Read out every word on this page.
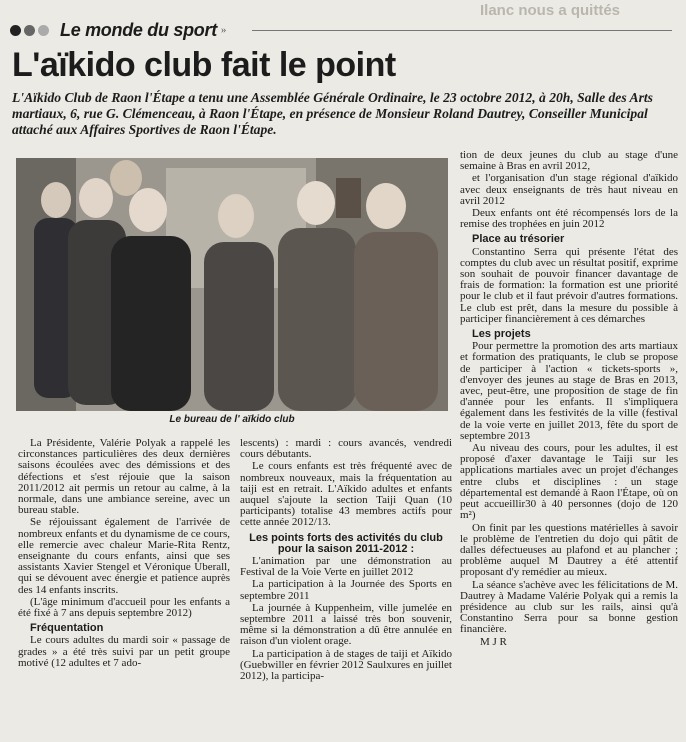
Ilanc nous a quittés
Le monde du sport »
L'aïkido club fait le point

L'Aïkido Club de Raon l'Étape a tenu une Assemblée Générale Ordinaire, le 23 octobre 2012, à 20h, Salle des Arts martiaux, 6, rue G. Clémenceau, à Raon l'Étape, en présence de Monsieur Roland Dautrey, Conseiller Municipal attaché aux Affaires Sportives de Raon l'Étape.

Le bureau de l' aïkido club

La Présidente, Valérie Polyak a rappelé les circonstances particulières des deux dernières saisons écoulées avec des démissions et des défections et s'est réjouie que la saison 2011/2012 ait permis un retour au calme, à la normale, dans une ambiance sereine, avec un bureau stable.

Se réjouissant également de l'arrivée de nombreux enfants et du dynamisme de ce cours, elle remercie avec chaleur Marie-Rita Rentz, enseignante du cours enfants, ainsi que ses assistants Xavier Stengel et Véronique Uberall, qui se dévouent avec énergie et patience auprès des 14 enfants inscrits.

(L'âge minimum d'accueil pour les enfants a été fixé à 7 ans depuis septembre 2012)

Fréquentation

Le cours adultes du mardi soir « passage de grades » a été très suivi par un petit groupe motivé (12 adultes et 7 ado-

lescents) : mardi : cours avancés, vendredi cours débutants.

Le cours enfants est très fréquenté avec de nombreux nouveaux, mais la fréquentation au taiji est en retrait. L'Aïkido adultes et enfants auquel s'ajoute la section Taiji Quan (10 participants) totalise 43 membres actifs pour cette année 2012/13.

Les points forts des activités du club pour la saison 2011-2012 :

L'animation par une démonstration au Festival de la Voie Verte en juillet 2012

La participation à la Journée des Sports en septembre 2011

La journée à Kuppenheim, ville jumelée en septembre 2011 a laissé très bon souvenir, même si la démonstration a dû être annulée en raison d'un violent orage.

La participation à de stages de taiji et Aïkido (Guebwiller en février 2012 Saulxures en juillet 2012), la participa-

tion de deux jeunes du club au stage d'une semaine à Bras en avril 2012,

et l'organisation d'un stage régional d'aïkido avec deux enseignants de très haut niveau en avril 2012

Deux enfants ont été récompensés lors de la remise des trophées en juin 2012

Place au trésorier

Constantino Serra qui présente l'état des comptes du club avec un résultat positif, exprime son souhait de pouvoir financer davantage de frais de formation: la formation est une priorité pour le club et il faut prévoir d'autres formations. Le club est prêt, dans la mesure du possible à participer financièrement à ces démarches

Les projets

Pour permettre la promotion des arts martiaux et formation des pratiquants, le club se propose de participer à l'action « tickets-sports », d'envoyer des jeunes au stage de Bras en 2013, avec, peut-être, une proposition de stage de fin d'année pour les enfants. Il s'impliquera également dans les festivités de la ville (festival de la voie verte en juillet 2013, fête du sport de septembre 2013

Au niveau des cours, pour les adultes, il est proposé d'axer davantage le Taiji sur les applications martiales avec un projet d'échanges entre clubs et disciplines : un stage départemental est demandé à Raon l'Étape, où on peut accueillir30 à 40 personnes (dojo de 120 m²)

On finit par les questions matérielles à savoir le problème de l'entretien du dojo qui pâtit de dalles défectueuses au plafond et au plancher ; problème auquel M Dautrey a été attentif proposant d'y remédier au mieux.

La séance s'achève avec les félicitations de M. Dautrey à Madame Valérie Polyak qui a remis la présidence au club sur les rails, ainsi qu'à Constantino Serra pour sa bonne gestion financière.

M J R
